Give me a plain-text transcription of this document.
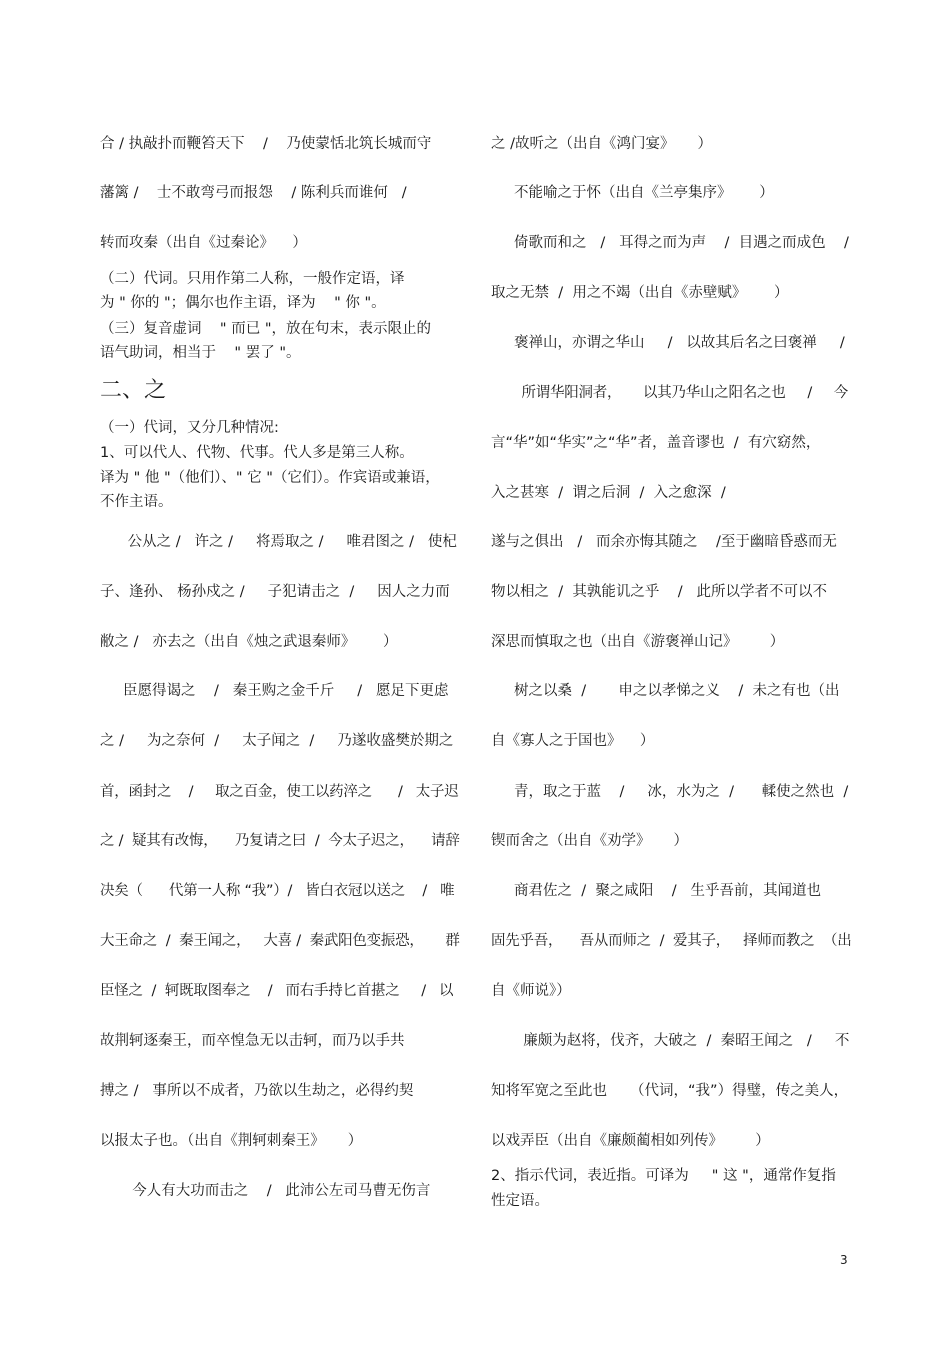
合 / 执敲扑而鞭笞天下    /    乃使蒙恬北筑长城而守
藩篱 /    士不敢弯弓而报怨    / 陈利兵而谁何   /
转而攻秦（出自《过秦论》    ）
（二）代词。只用作第二人称，一般作定语，译
为 " 你的 "；偶尔也作主语，译为    " 你 "。
（三）复音虚词    " 而已 "，放在句末，表示限止的
语气助词，相当于    " 罢了 "。
二、之
（一）代词，又分几种情况:
1、可以代人、代物、代事。代人多是第三人称。
译为 " 他 "（他们）、" 它 "（它们）。作宾语或兼语，
不作主语。
公从之 /   许之 /     将焉取之 /     唯君图之 /   使杞
子、逢孙、 杨孙戍之 /     子犯请击之  /     因人之力而
敝之 /   亦去之（出自《烛之武退秦师》      ）
臣愿得谒之    /   秦王购之金千斤     /   愿足下更虑
之 /     为之奈何  /     太子闻之  /     乃遂收盛樊於期之
首，函封之    /     取之百金，使工以药淬之      /   太子迟
之 /  疑其有改悔，    乃复请之曰  /  今太子迟之，    请辞
决矣（      代第一人称 “我”）/   皆白衣冠以送之    /   唯
大王命之  /  秦王闻之，   大喜 /  秦武阳色变振恐，     群
臣怪之  /  轲既取图奉之    /   而右手持匕首揕之     /   以
故荆轲逐秦王，而卒惶急无以击轲，而乃以手共
搏之 /   事所以不成者，乃欲以生劫之，必得约契
以报太子也。（出自《荆轲刺秦王》     ）
今人有大功而击之    /   此沛公左司马曹无伤言
之 /故听之（出自《鸿门宴》     ）
不能喻之于怀（出自《兰亭集序》      ）
倚歌而和之   /   耳得之而为声    /  目遇之而成色    /
取之无禁  /  用之不竭（出自《赤壁赋》      ）
褒禅山，亦谓之华山     /   以故其后名之曰褒禅     /
所谓华阳洞者，     以其乃华山之阳名之也     /     今
言“华”如“华实”之“华”者，盖音谬也  /  有穴窈然，
入之甚寒  /  谓之后洞  /  入之愈深  /
遂与之俱出   /   而余亦悔其随之    /至于幽暗昏惑而无
物以相之  /  其孰能讥之乎    /   此所以学者不可以不
深思而慎取之也（出自《游褒禅山记》       ）
树之以桑  /       申之以孝悌之义    /  未之有也（出
自《寡人之于国也》    ）
青，取之于蓝    /     冰，水为之  /      輮使之然也  /
锲而舍之（出自《劝学》     ）
商君佐之  /  聚之咸阳    /   生乎吾前，其闻道也
固先乎吾，    吾从而师之  /  爱其子，   择师而教之  （出
自《师说》）
廉颇为赵将，伐齐，大破之  /  秦昭王闻之   /     不
知将军宽之至此也     （代词，“我”）得璧，传之美人，
以戏弄臣（出自《廉颇蔺相如列传》       ）
2、指示代词，表近指。可译为     " 这 "，通常作复指
性定语。
3
